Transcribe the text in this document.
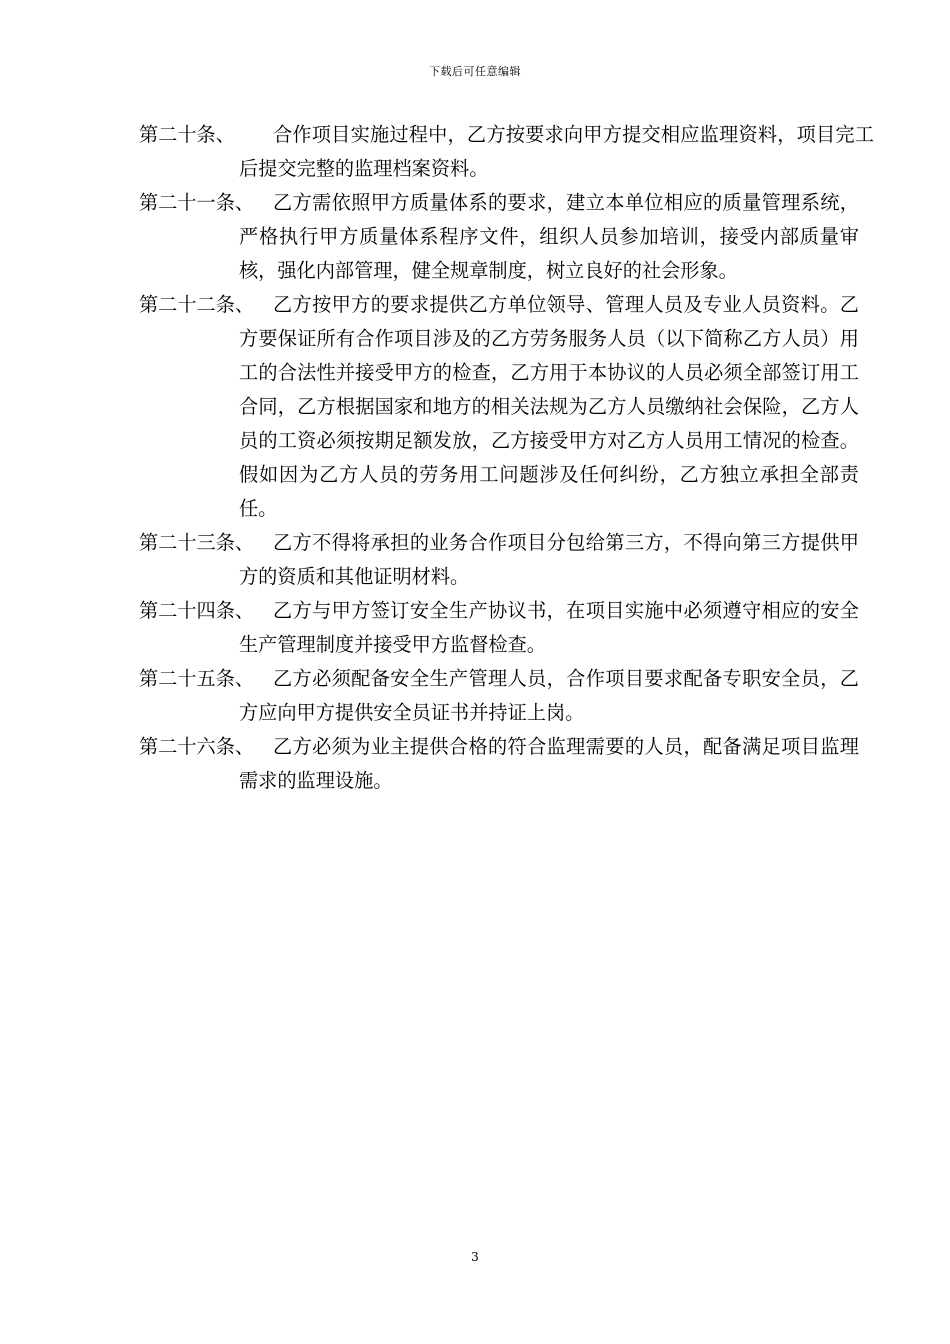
下载后可任意编辑

第二十条、	合作项目实施过程中，乙方按要求向甲方提交相应监理资料，项目完工后提交完整的监理档案资料。

第二十一条、 乙方需依照甲方质量体系的要求，建立本单位相应的质量管理系统，严格执行甲方质量体系程序文件，组织人员参加培训，接受内部质量审核，强化内部管理，健全规章制度，树立良好的社会形象。

第二十二条、 乙方按甲方的要求提供乙方单位领导、管理人员及专业人员资料。乙方要保证所有合作项目涉及的乙方劳务服务人员（以下简称乙方人员）用工的合法性并接受甲方的检查，乙方用于本协议的人员必须全部签订用工合同，乙方根据国家和地方的相关法规为乙方人员缴纳社会保险，乙方人员的工资必须按期足额发放，乙方接受甲方对乙方人员用工情况的检查。假如因为乙方人员的劳务用工问题涉及任何纠纷，乙方独立承担全部责任。

第二十三条、 乙方不得将承担的业务合作项目分包给第三方，不得向第三方提供甲方的资质和其他证明材料。

第二十四条、 乙方与甲方签订安全生产协议书，在项目实施中必须遵守相应的安全生产管理制度并接受甲方监督检查。

第二十五条、 乙方必须配备安全生产管理人员，合作项目要求配备专职安全员，乙方应向甲方提供安全员证书并持证上岗。

第二十六条、 乙方必须为业主提供合格的符合监理需要的人员，配备满足项目监理需求的监理设施。

3
